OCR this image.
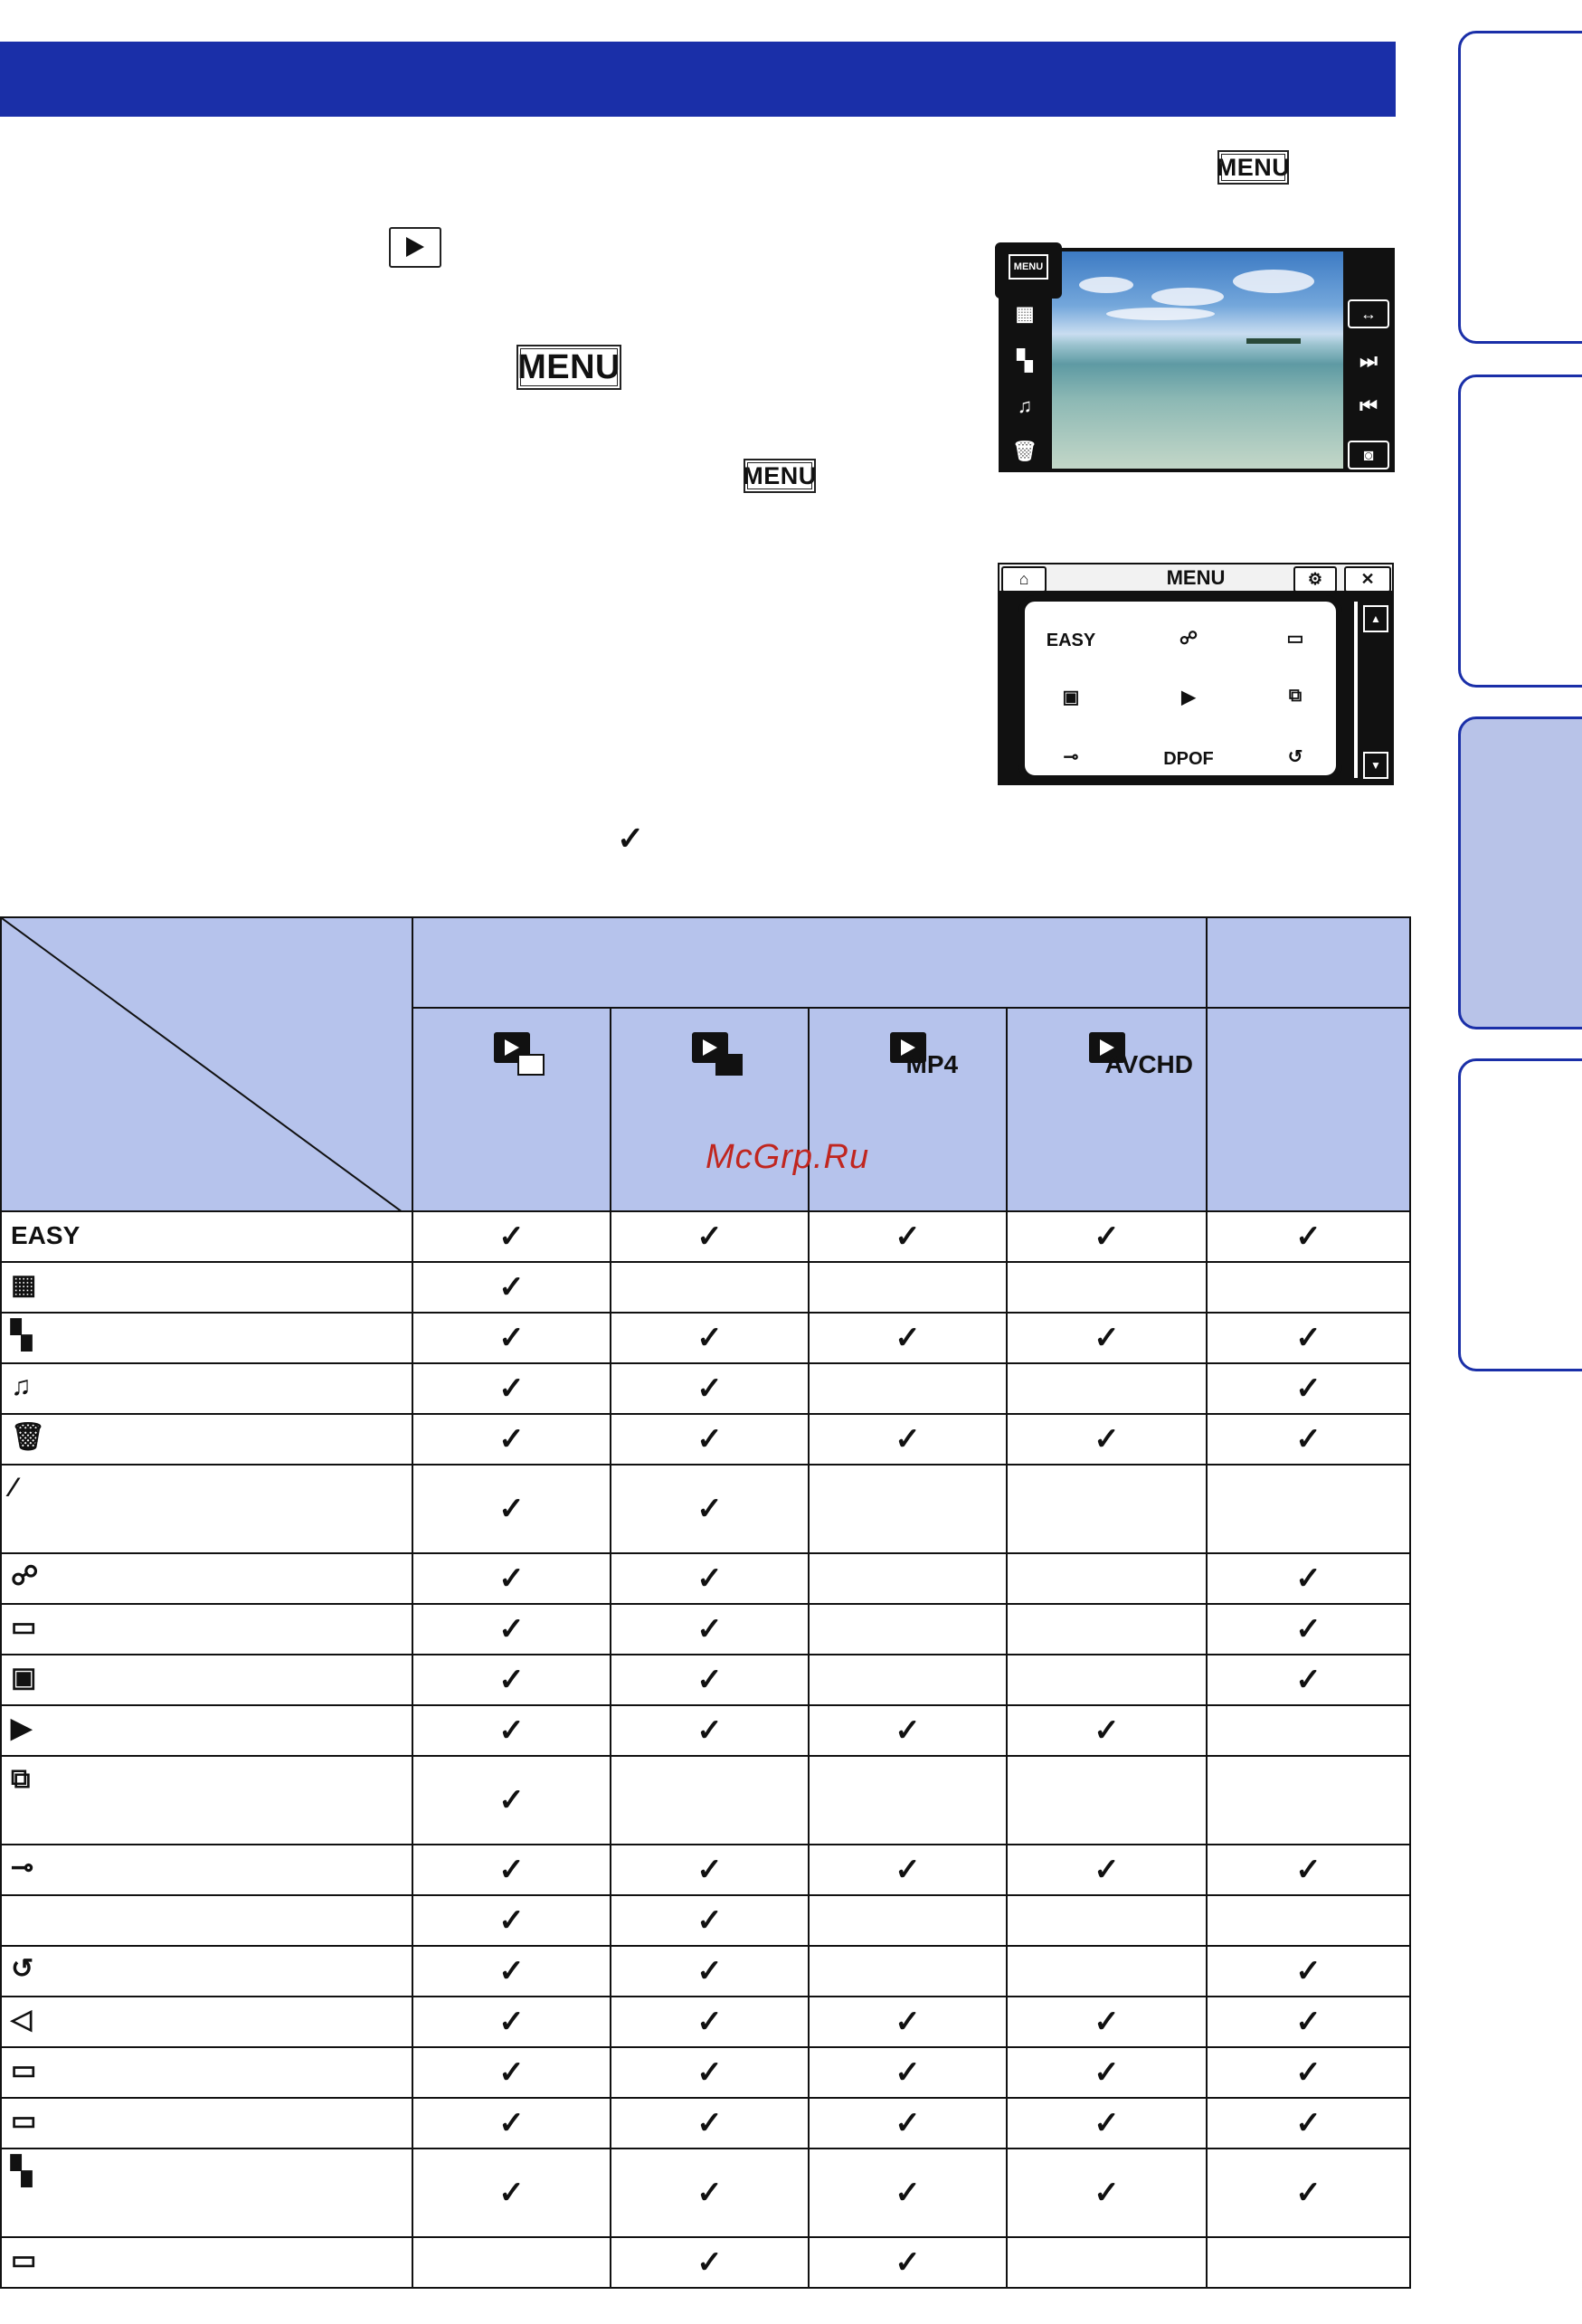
MENU
MENU
MENU
✓
MENU
▦
▚
♫
🗑
↔
⏭
⏮
◙
MENU
⌂	⚙	✕
EASY	☍	▭
▣	▶	⧉
⊸	DPOF	↺
▲
▼

			MP4	AVCHD	

EASY	✓	✓	✓	✓	✓
▦	✓				
▚	✓	✓	✓	✓	✓
♫	✓	✓			✓
🗑	✓	✓	✓	✓	✓
⁄	✓	✓			
☍	✓	✓			✓
▭	✓	✓			✓
▣	✓	✓			✓
▶	✓	✓	✓	✓	
⧉	✓				
⊸	✓	✓	✓	✓	✓
	✓	✓			
↺	✓	✓			✓
◁	✓	✓	✓	✓	✓
▭	✓	✓	✓	✓	✓
▭	✓	✓	✓	✓	✓
▚	✓	✓	✓	✓	✓
▭		✓	✓		
McGrp.Ru
